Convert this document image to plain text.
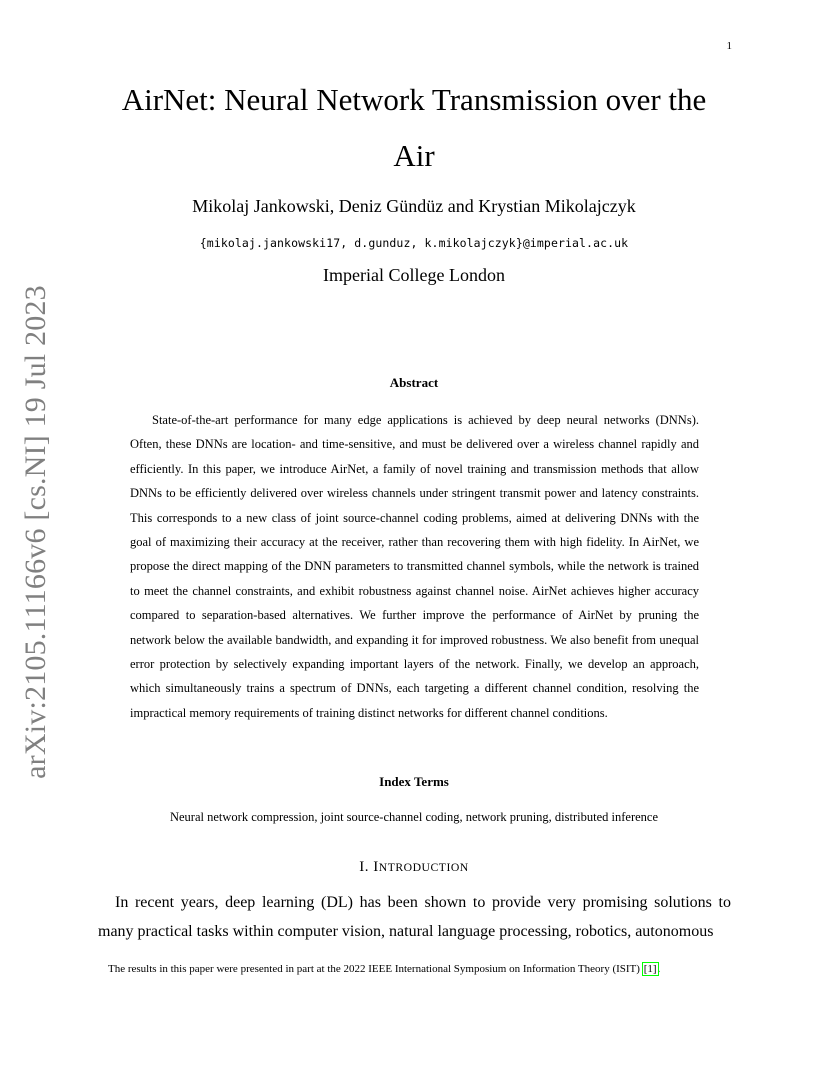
1
arXiv:2105.11166v6 [cs.NI] 19 Jul 2023
AirNet: Neural Network Transmission over the Air
Mikolaj Jankowski, Deniz Gündüz and Krystian Mikolajczyk
{mikolaj.jankowski17, d.gunduz, k.mikolajczyk}@imperial.ac.uk
Imperial College London
Abstract

State-of-the-art performance for many edge applications is achieved by deep neural networks (DNNs). Often, these DNNs are location- and time-sensitive, and must be delivered over a wireless channel rapidly and efficiently. In this paper, we introduce AirNet, a family of novel training and transmission methods that allow DNNs to be efficiently delivered over wireless channels under stringent transmit power and latency constraints. This corresponds to a new class of joint source-channel coding problems, aimed at delivering DNNs with the goal of maximizing their accuracy at the receiver, rather than recovering them with high fidelity. In AirNet, we propose the direct mapping of the DNN parameters to transmitted channel symbols, while the network is trained to meet the channel constraints, and exhibit robustness against channel noise. AirNet achieves higher accuracy compared to separation-based alternatives. We further improve the performance of AirNet by pruning the network below the available bandwidth, and expanding it for improved robustness. We also benefit from unequal error protection by selectively expanding important layers of the network. Finally, we develop an approach, which simultaneously trains a spectrum of DNNs, each targeting a different channel condition, resolving the impractical memory requirements of training distinct networks for different channel conditions.

Index Terms
Neural network compression, joint source-channel coding, network pruning, distributed inference
I. INTRODUCTION

In recent years, deep learning (DL) has been shown to provide very promising solutions to many practical tasks within computer vision, natural language processing, robotics, autonomous

The results in this paper were presented in part at the 2022 IEEE International Symposium on Information Theory (ISIT) [1].
